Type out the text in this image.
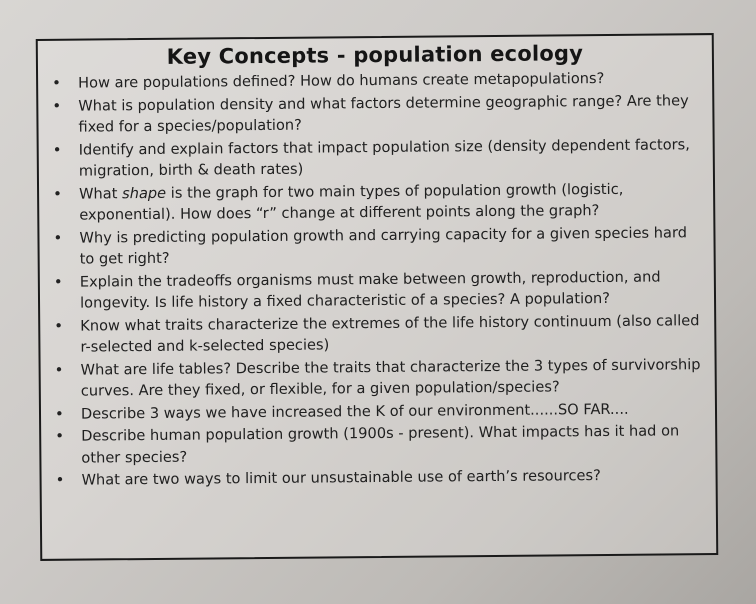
Key Concepts - population ecology
• How are populations defined? How do humans create metapopulations?
• What is population density and what factors determine geographic range? Are they fixed for a species/population?
• Identify and explain factors that impact population size (density dependent factors, migration, birth & death rates)
• What shape is the graph for two main types of population growth (logistic, exponential). How does “r” change at different points along the graph?
• Why is predicting population growth and carrying capacity for a given species hard to get right?
• Explain the tradeoffs organisms must make between growth, reproduction, and longevity. Is life history a fixed characteristic of a species? A population?
• Know what traits characterize the extremes of the life history continuum (also called r-selected and k-selected species)
• What are life tables? Describe the traits that characterize the 3 types of survivorship curves. Are they fixed, or flexible, for a given population/species?
• Describe 3 ways we have increased the K of our environment......SO FAR....
• Describe human population growth (1900s - present). What impacts has it had on other species?
• What are two ways to limit our unsustainable use of earth’s resources?
